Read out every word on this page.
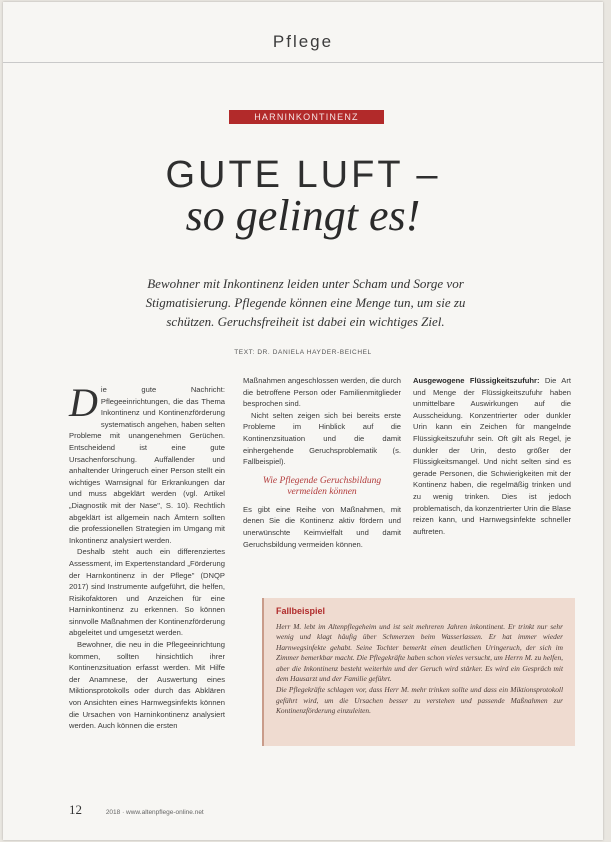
Pflege
HARNINKONTINENZ
GUTE LUFT –
so gelingt es!
Bewohner mit Inkontinenz leiden unter Scham und Sorge vor Stigmatisierung. Pflegende können eine Menge tun, um sie zu schützen. Geruchsfreiheit ist dabei ein wichtiges Ziel.
TEXT: DR. DANIELA HAYDER-BEICHEL

Die gute Nachricht: Pflegeeinrichtungen, die das Thema Inkontinenz und Kontinenzförderung systematisch angehen, haben selten Probleme mit unangenehmen Gerüchen. Entscheidend ist eine gute Ursachenforschung. Auffallender und anhaltender Uringeruch einer Person stellt ein wichtiges Warnsignal für Erkrankungen dar und muss abgeklärt werden (vgl. Artikel „Diagnostik mit der Nase", S. 10). Rechtlich abgeklärt ist allgemein nach Ämtern sollten die professionellen Strategien im Umgang mit Inkontinenz analysiert werden.

Deshalb steht auch ein differenziertes Assessment, im Expertenstandard „Förderung der Harnkontinenz in der Pflege" (DNQP 2017) sind Instrumente aufgeführt, die helfen, Risikofaktoren und Anzeichen für eine Harninkontinenz zu erkennen. So können sinnvolle Maßnahmen der Kontinenzförderung abgeleitet und umgesetzt werden.

Bewohner, die neu in die Pflegeeinrichtung kommen, sollten hinsichtlich ihrer Kontinenzsituation erfasst werden. Mit Hilfe der Anamnese, der Auswertung eines Miktionsprotokolls oder durch das Abklären von Ansichten eines Harnwegsinfekts können die Ursachen von Harninkontinenz analysiert werden. Auch können die ersten

Maßnahmen angeschlossen werden, die durch die betroffene Person oder Familienmitglieder besprochen sind.

Nicht selten zeigen sich bei bereits erste Probleme im Hinblick auf die Kontinenzsituation und die damit einhergehende Geruchsproblematik (s. Fallbeispiel).

Wie Pflegende Geruchsbildung vermeiden können

Es gibt eine Reihe von Maßnahmen, mit denen Sie die Kontinenz aktiv fördern und unerwünschte Keimvielfalt und damit Geruchsbildung vermeiden können.

Ausgewogene Flüssigkeitszufuhr: Die Art und Menge der Flüssigkeitszufuhr haben unmittelbare Auswirkungen auf die Ausscheidung. Konzentrierter oder dunkler Urin kann ein Zeichen für mangelnde Flüssigkeitszufuhr sein. Oft gilt als Regel, je dunkler der Urin, desto größer der Flüssigkeitsmangel. Und nicht selten sind es gerade Personen, die Schwierigkeiten mit der Kontinenz haben, die regelmäßig trinken und zu wenig trinken. Dies ist jedoch problematisch, da konzentrierter Urin die Blase reizen kann, und Harnwegsinfekte schneller auftreten.

Fallbeispiel

Herr M. lebt im Altenpflegeheim und ist seit mehreren Jahren inkontinent. Er trinkt nur sehr wenig und klagt häufig über Schmerzen beim Wasserlassen. Er hat immer wieder Harnwegsinfekte gehabt. Seine Tochter bemerkt einen deutlichen Uringeruch, der sich im Zimmer bemerkbar macht. Die Pflegekräfte haben schon vieles versucht, um Herrn M. zu helfen, aber die Inkontinenz besteht weiterhin und der Geruch wird stärker. Es wird ein Gespräch mit dem Hausarzt und der Familie geführt.

Die Pflegekräfte schlagen vor, dass Herr M. mehr trinken sollte und dass ein Miktionsprotokoll geführt wird, um die Ursachen besser zu verstehen und passende Maßnahmen zur Kontinenzförderung einzuleiten.

12	2018 · www.altenpflege-online.net
